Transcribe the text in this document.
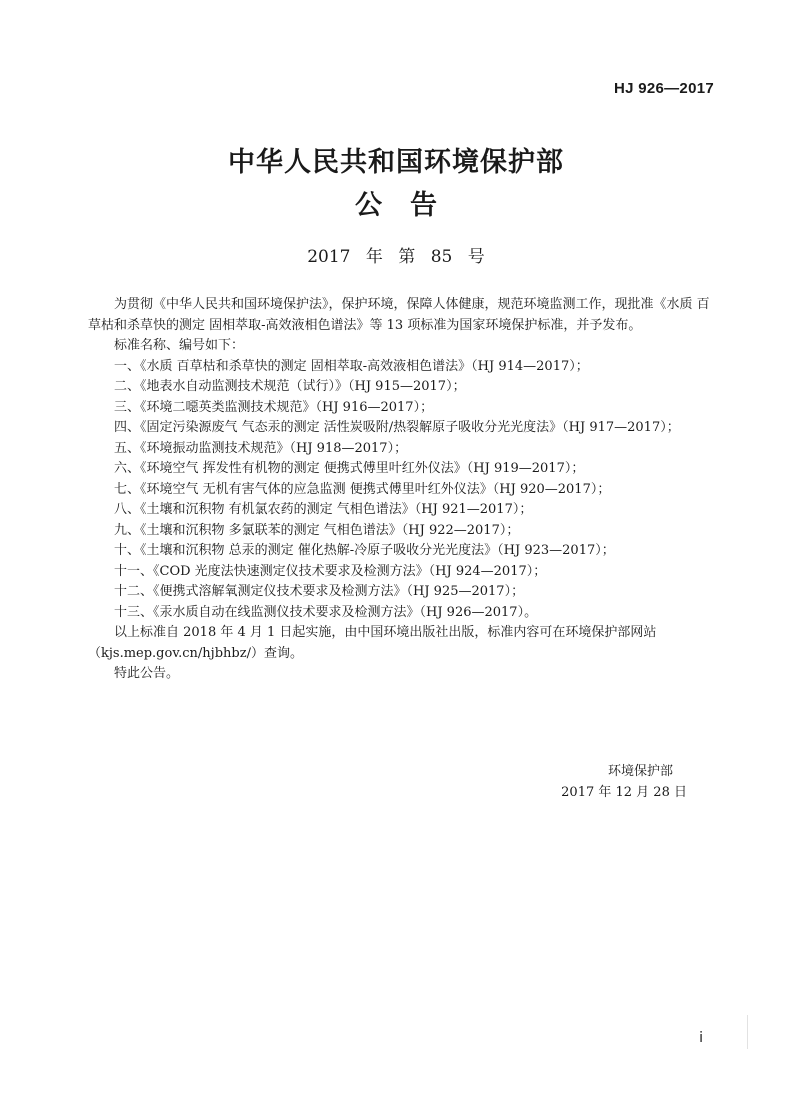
HJ 926—2017
中华人民共和国环境保护部
公告
2017 年 第 85 号

为贯彻《中华人民共和国环境保护法》，保护环境，保障人体健康，规范环境监测工作，现批准《水质 百草枯和杀草快的测定 固相萃取-高效液相色谱法》等 13 项标准为国家环境保护标准，并予发布。

标准名称、编号如下：

一、《水质 百草枯和杀草快的测定 固相萃取-高效液相色谱法》（HJ 914—2017）；

二、《地表水自动监测技术规范（试行）》（HJ 915—2017）；

三、《环境二噁英类监测技术规范》（HJ 916—2017）；

四、《固定污染源废气 气态汞的测定 活性炭吸附/热裂解原子吸收分光光度法》（HJ 917—2017）；

五、《环境振动监测技术规范》（HJ 918—2017）；

六、《环境空气 挥发性有机物的测定 便携式傅里叶红外仪法》（HJ 919—2017）；

七、《环境空气 无机有害气体的应急监测 便携式傅里叶红外仪法》（HJ 920—2017）；

八、《土壤和沉积物 有机氯农药的测定 气相色谱法》（HJ 921—2017）；

九、《土壤和沉积物 多氯联苯的测定 气相色谱法》（HJ 922—2017）；

十、《土壤和沉积物 总汞的测定 催化热解-冷原子吸收分光光度法》（HJ 923—2017）；

十一、《COD 光度法快速测定仪技术要求及检测方法》（HJ 924—2017）；

十二、《便携式溶解氧测定仪技术要求及检测方法》（HJ 925—2017）；

十三、《汞水质自动在线监测仪技术要求及检测方法》（HJ 926—2017）。

以上标准自 2018 年 4 月 1 日起实施，由中国环境出版社出版，标准内容可在环境保护部网站（kjs.mep.gov.cn/hjbhbz/）查询。

特此公告。

环境保护部
2017 年 12 月 28 日
i
